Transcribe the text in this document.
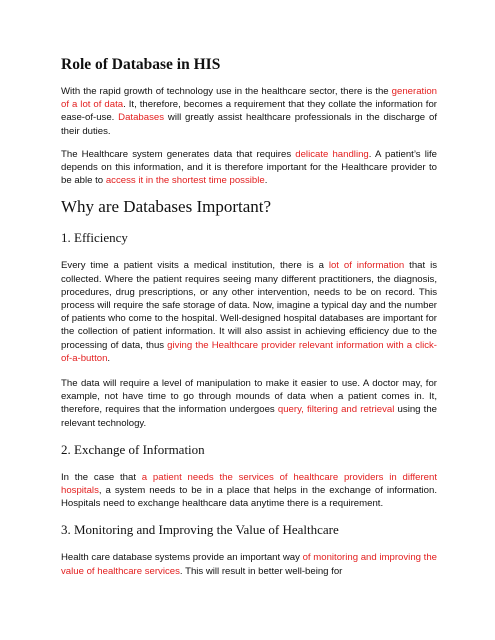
Role of Database in HIS

With the rapid growth of technology use in the healthcare sector, there is the generation of a lot of data. It, therefore, becomes a requirement that they collate the information for ease-of-use. Databases will greatly assist healthcare professionals in the discharge of their duties.

The Healthcare system generates data that requires delicate handling. A patient’s life depends on this information, and it is therefore important for the Healthcare provider to be able to access it in the shortest time possible.

Why are Databases Important?
1. Efficiency

Every time a patient visits a medical institution, there is a lot of information that is collected. Where the patient requires seeing many different practitioners, the diagnosis, procedures, drug prescriptions, or any other intervention, needs to be on record. This process will require the safe storage of data. Now, imagine a typical day and the number of patients who come to the hospital. Well-designed hospital databases are important for the collection of patient information. It will also assist in achieving efficiency due to the processing of data, thus giving the Healthcare provider relevant information with a click-of-a-button.

The data will require a level of manipulation to make it easier to use. A doctor may, for example, not have time to go through mounds of data when a patient comes in. It, therefore, requires that the information undergoes query, filtering and retrieval using the relevant technology.

2. Exchange of Information

In the case that a patient needs the services of healthcare providers in different hospitals, a system needs to be in a place that helps in the exchange of information. Hospitals need to exchange healthcare data anytime there is a requirement.

3. Monitoring and Improving the Value of Healthcare

Health care database systems provide an important way of monitoring and improving the value of healthcare services. This will result in better well-being for
